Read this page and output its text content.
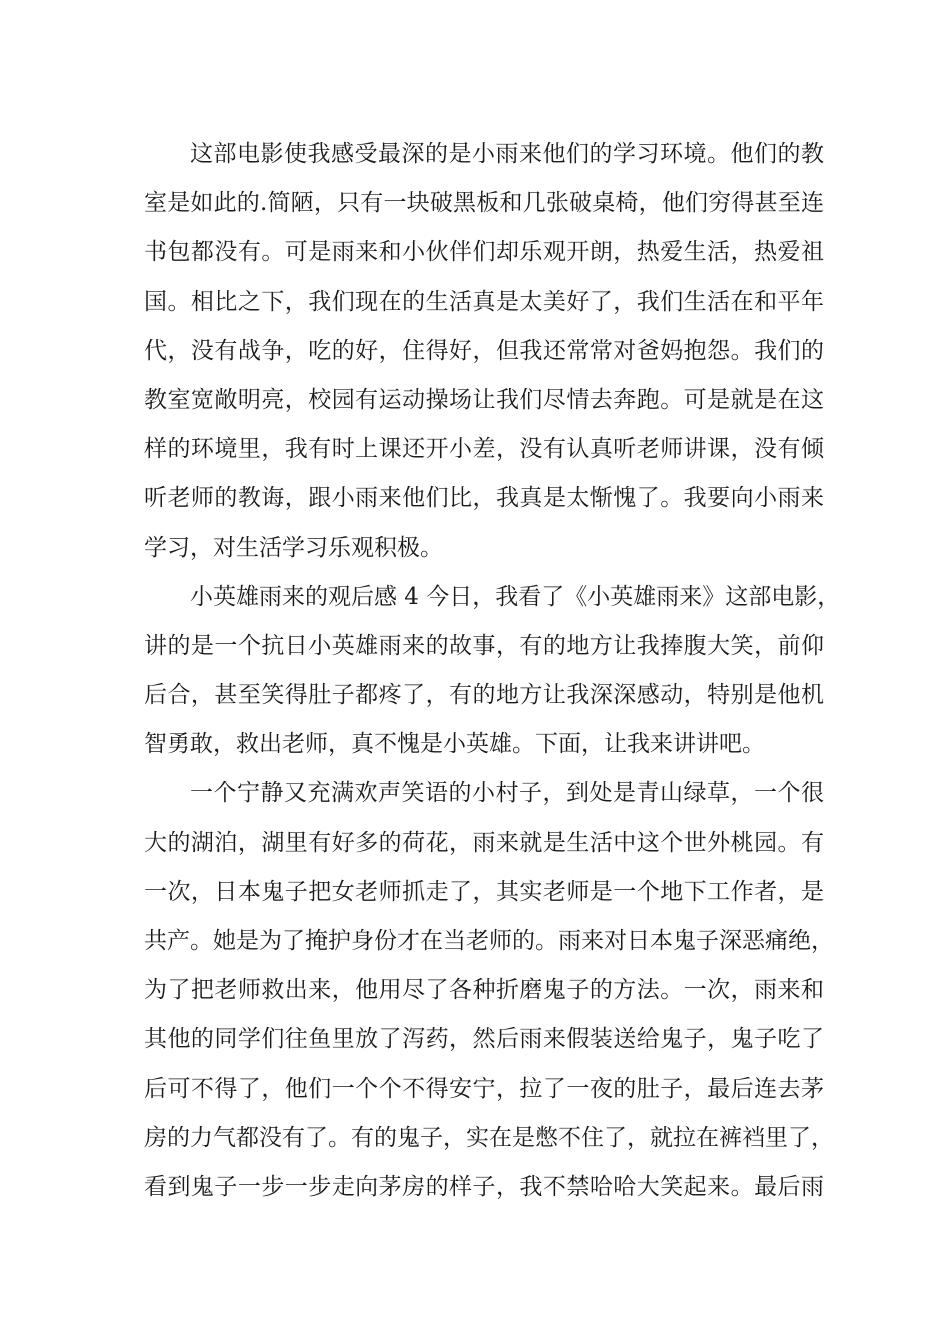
这部电影使我感受最深的是小雨来他们的学习环境。他们的教
室是如此的.简陋，只有一块破黑板和几张破桌椅，他们穷得甚至连
书包都没有。可是雨来和小伙伴们却乐观开朗，热爱生活，热爱祖
国。相比之下，我们现在的生活真是太美好了，我们生活在和平年
代，没有战争，吃的好，住得好，但我还常常对爸妈抱怨。我们的
教室宽敞明亮，校园有运动操场让我们尽情去奔跑。可是就是在这
样的环境里，我有时上课还开小差，没有认真听老师讲课，没有倾
听老师的教诲，跟小雨来他们比，我真是太惭愧了。我要向小雨来
学习，对生活学习乐观积极。
小英雄雨来的观后感 4 今日，我看了《小英雄雨来》这部电影，
讲的是一个抗日小英雄雨来的故事，有的地方让我捧腹大笑，前仰
后合，甚至笑得肚子都疼了，有的地方让我深深感动，特别是他机
智勇敢，救出老师，真不愧是小英雄。下面，让我来讲讲吧。
一个宁静又充满欢声笑语的小村子，到处是青山绿草，一个很
大的湖泊，湖里有好多的荷花，雨来就是生活中这个世外桃园。有
一次，日本鬼子把女老师抓走了，其实老师是一个地下工作者，是
共产。她是为了掩护身份才在当老师的。雨来对日本鬼子深恶痛绝，
为了把老师救出来，他用尽了各种折磨鬼子的方法。一次，雨来和
其他的同学们往鱼里放了泻药，然后雨来假装送给鬼子，鬼子吃了
后可不得了，他们一个个不得安宁，拉了一夜的肚子，最后连去茅
房的力气都没有了。有的鬼子，实在是憋不住了，就拉在裤裆里了，
看到鬼子一步一步走向茅房的样子，我不禁哈哈大笑起来。最后雨
